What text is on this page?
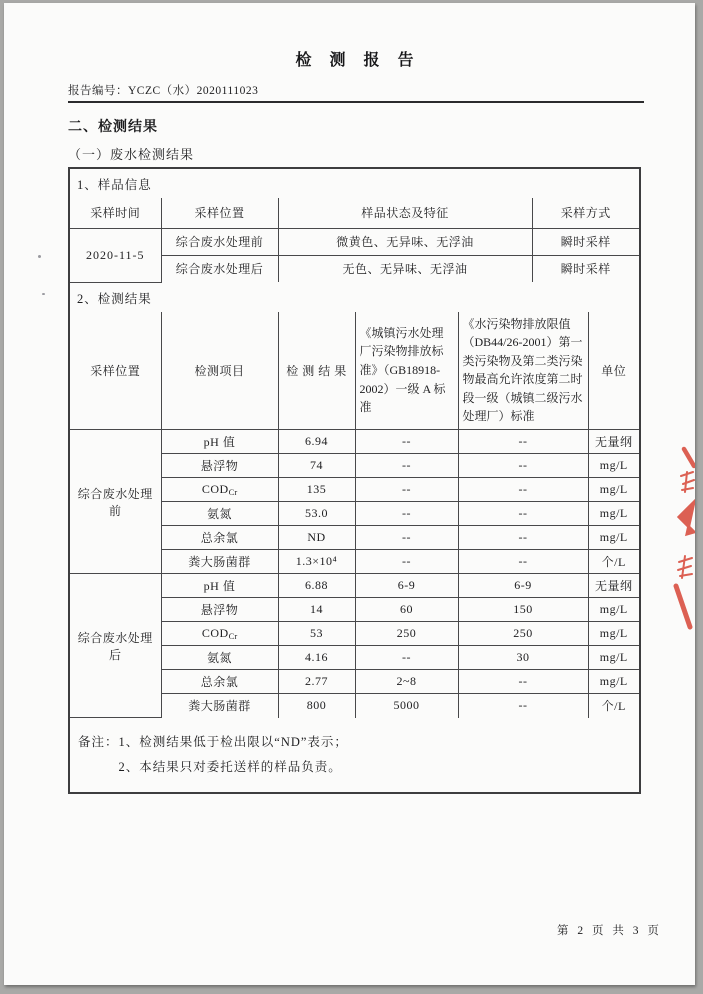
检 测 报 告
报告编号：YCZC（水）2020111023
二、检测结果
（一）废水检测结果
1、样品信息
采样时间	采样位置	样品状态及特征	采样方式
2020-11-5	综合废水处理前	微黄色、无异味、无浮油	瞬时采样
	综合废水处理后	无色、无异味、无浮油	瞬时采样
2、检测结果
采样位置	检测项目	检 测 结 果	《城镇污水处理厂污染物排放标准》（GB18918-2002）一级 A 标准	《水污染物排放限值（DB44/26-2001）第一类污染物及第二类污染物最高允许浓度第二时段一级（城镇二级污水处理厂）标准	单位
综合废水处理前	pH 值	6.94	--	--	无量纲
	悬浮物	74	--	--	mg/L
	$COD_{Cr}$	135	--	--	mg/L
	氨氮	53.0	--	--	mg/L
	总余氯	ND	--	--	mg/L
	粪大肠菌群	1.3×10⁴	--	--	个/L
综合废水处理后	pH 值	6.88	6-9	6-9	无量纲
	悬浮物	14	60	150	mg/L
	$COD_{Cr}$	53	250	250	mg/L
	氨氮	4.16	--	30	mg/L
	总余氯	2.77	2~8	--	mg/L
	粪大肠菌群	800	5000	--	个/L
备注： 1、检测结果低于检出限以“ND”表示；
2、本结果只对委托送样的样品负责。
第 2 页 共 3 页
